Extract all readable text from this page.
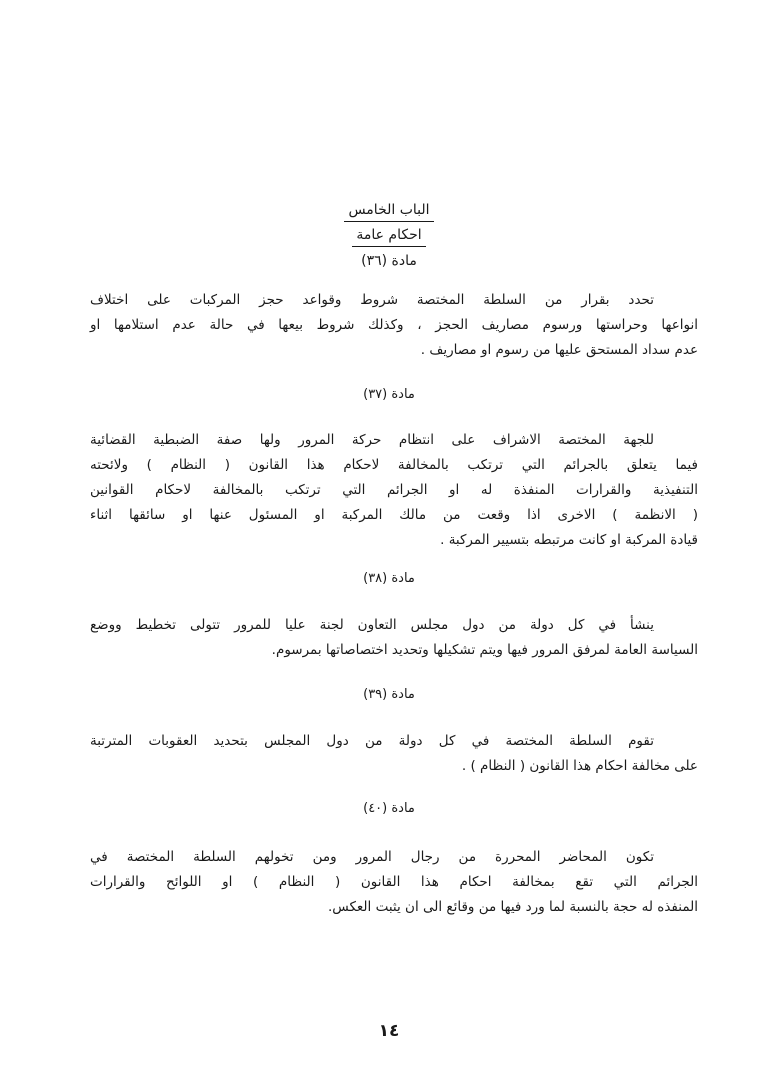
الباب الخامس
احكام عامة
مادة (٣٦)
تحدد بقرار من السلطة المختصة شروط وقواعد حجز المركبات على اختلاف
انواعها وحراستها ورسوم مصاريف الحجز ، وكذلك شروط بيعها في حالة عدم استلامها او
عدم سداد المستحق عليها من رسوم او مصاريف .
مادة (٣٧)
للجهة المختصة الاشراف على انتظام حركة المرور ولها صفة الضبطية القضائية
فيما يتعلق بالجرائم التي ترتكب بالمخالفة لاحكام هذا القانون ( النظام ) ولائحته
التنفيذية والقرارات المنفذة له او الجرائم التي ترتكب بالمخالفة لاحكام القوانين
( الانظمة ) الاخرى اذا وقعت من مالك المركبة او المسئول عنها او سائقها اثناء
قيادة المركبة او كانت مرتبطه بتسيير المركبة .
مادة (٣٨)
ينشأ في كل دولة من دول مجلس التعاون لجنة عليا للمرور تتولى تخطيط ووضع
السياسة العامة لمرفق المرور فيها ويتم تشكيلها وتحديد اختصاصاتها بمرسوم.
مادة (٣٩)
تقوم السلطة المختصة في كل دولة من دول المجلس بتحديد العقوبات المترتبة
على مخالفة احكام هذا القانون ( النظام ) .
مادة (٤٠)
تكون المحاضر المحررة من رجال المرور ومن تخولهم السلطة المختصة في
الجرائم التي تقع بمخالفة احكام هذا القانون ( النظام ) او اللوائح والقرارات
المنفذه له حجة بالنسبة لما ورد فيها من وقائع الى ان يثبت العكس.
١٤
